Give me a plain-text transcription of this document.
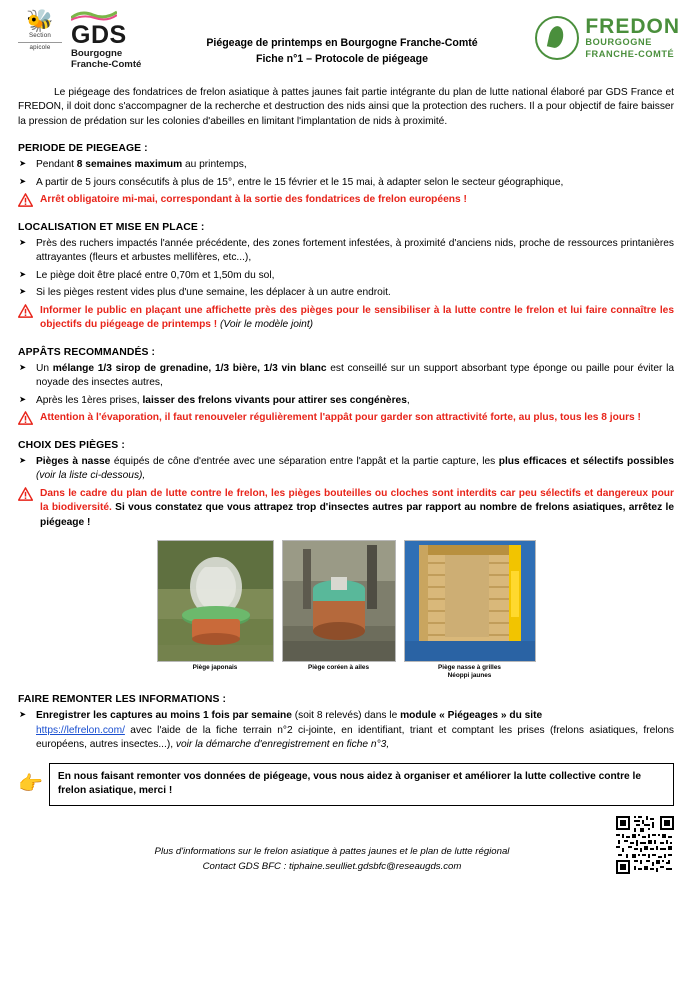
🐝
Section
apicole GDS
Bourgogne
Franche-Comté
Piégeage de printemps en Bourgogne Franche-Comté
Fiche n°1 – Protocole de piégeage
FREDON
BOURGOGNE
FRANCHE-COMTÉ

Le piégeage des fondatrices de frelon asiatique à pattes jaunes fait partie intégrante du plan de lutte national élaboré par GDS France et FREDON, il doit donc s'accompagner de la recherche et destruction des nids ainsi que la protection des ruchers. Il a pour objectif de faire baisser la pression de prédation sur les colonies d'abeilles en limitant l'implantation de nids à proximité.

PERIODE DE PIEGEAGE :
➤ Pendant 8 semaines maximum au printemps,
➤ A partir de 5 jours consécutifs à plus de 15°, entre le 15 février et le 15 mai, à adapter selon le secteur géographique,
Arrêt obligatoire mi-mai, correspondant à la sortie des fondatrices de frelon européens !
LOCALISATION ET MISE EN PLACE :
➤ Près des ruchers impactés l'année précédente, des zones fortement infestées, à proximité d'anciens nids, proche de ressources printanières attrayantes (fleurs et arbustes mellifères, etc...),
➤ Le piège doit être placé entre 0,70m et 1,50m du sol,
➤ Si les pièges restent vides plus d'une semaine, les déplacer à un autre endroit.
Informer le public en plaçant une affichette près des pièges pour le sensibiliser à la lutte contre le frelon et lui faire connaître les objectifs du piégeage de printemps ! (Voir le modèle joint)
APPÂTS RECOMMANDÉS :
➤ Un mélange 1/3 sirop de grenadine, 1/3 bière, 1/3 vin blanc est conseillé sur un support absorbant type éponge ou paille pour éviter la noyade des insectes autres,
➤ Après les 1ères prises, laisser des frelons vivants pour attirer ses congénères,
Attention à l'évaporation, il faut renouveler régulièrement l'appât pour garder son attractivité forte, au plus, tous les 8 jours !
CHOIX DES PIÈGES :
➤ Pièges à nasse équipés de cône d'entrée avec une séparation entre l'appât et la partie capture, les plus efficaces et sélectifs possibles (voir la liste ci-dessous),
Dans le cadre du plan de lutte contre le frelon, les pièges bouteilles ou cloches sont interdits car peu sélectifs et dangereux pour la biodiversité. Si vous constatez que vous attrapez trop d'insectes autres par rapport au nombre de frelons asiatiques, arrêtez le piégeage !
Piège japonais	Piège coréen à ailes	Piège nasse à grilles
Néoppi jaunes
FAIRE REMONTER LES INFORMATIONS :
➤ Enregistrer les captures au moins 1 fois par semaine (soit 8 relevés) dans le module « Piégeages » du site
https://lefrelon.com/ avec l'aide de la fiche terrain n°2 ci-jointe, en identifiant, triant et comptant les prises (frelons asiatiques, frelons européens, autres insectes...), voir la démarche d'enregistrement en fiche n°3,
👉	En nous faisant remonter vos données de piégeage, vous nous aidez à organiser et améliorer la lutte collective contre le frelon asiatique, merci !
Plus d'informations sur le frelon asiatique à pattes jaunes et le plan de lutte régional
Contact GDS BFC : tiphaine.seulliet.gdsbfc@reseaugds.com
